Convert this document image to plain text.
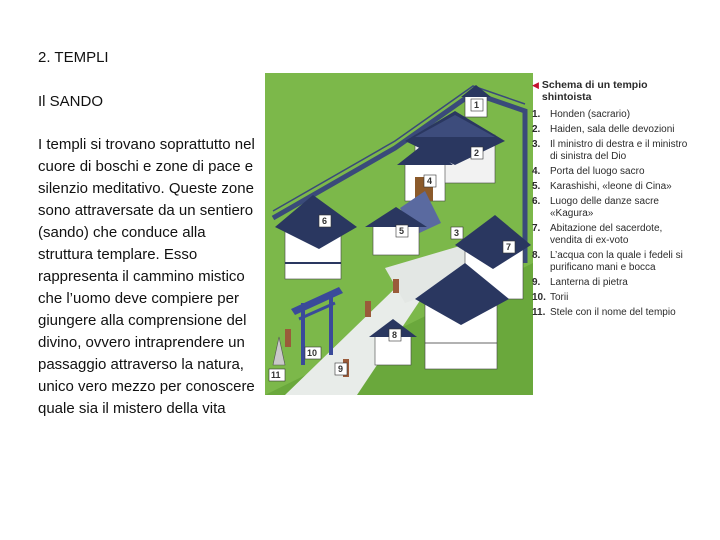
2. TEMPLI
Il SANDO

I templi si trovano soprattutto nel cuore di boschi e zone di pace e silenzio meditativo. Queste zone sono attraversate da un sentiero (sando) che conduce alla struttura templare. Esso rappresenta il cammino mistico che l’uomo deve compiere per giungere alla comprensione del divino, ovvero intraprendere un passaggio attraverso la natura, unico vero mezzo per conoscere quale sia il mistero della vita

1
2
3
4
5
6
7
8
9
10
11
◀ Schema di un tempio shintoista
1. Honden (sacrario)
2. Haiden, sala delle devozioni
3. Il ministro di destra e il ministro di sinistra del Dio
4. Porta del luogo sacro
5. Karashishi, «leone di Cina»
6. Luogo delle danze sacre «Kagura»
7. Abitazione del sacerdote, vendita di ex-voto
8. L’acqua con la quale i fedeli si purificano mani e bocca
9. Lanterna di pietra
10. Torii
11. Stele con il nome del tempio
